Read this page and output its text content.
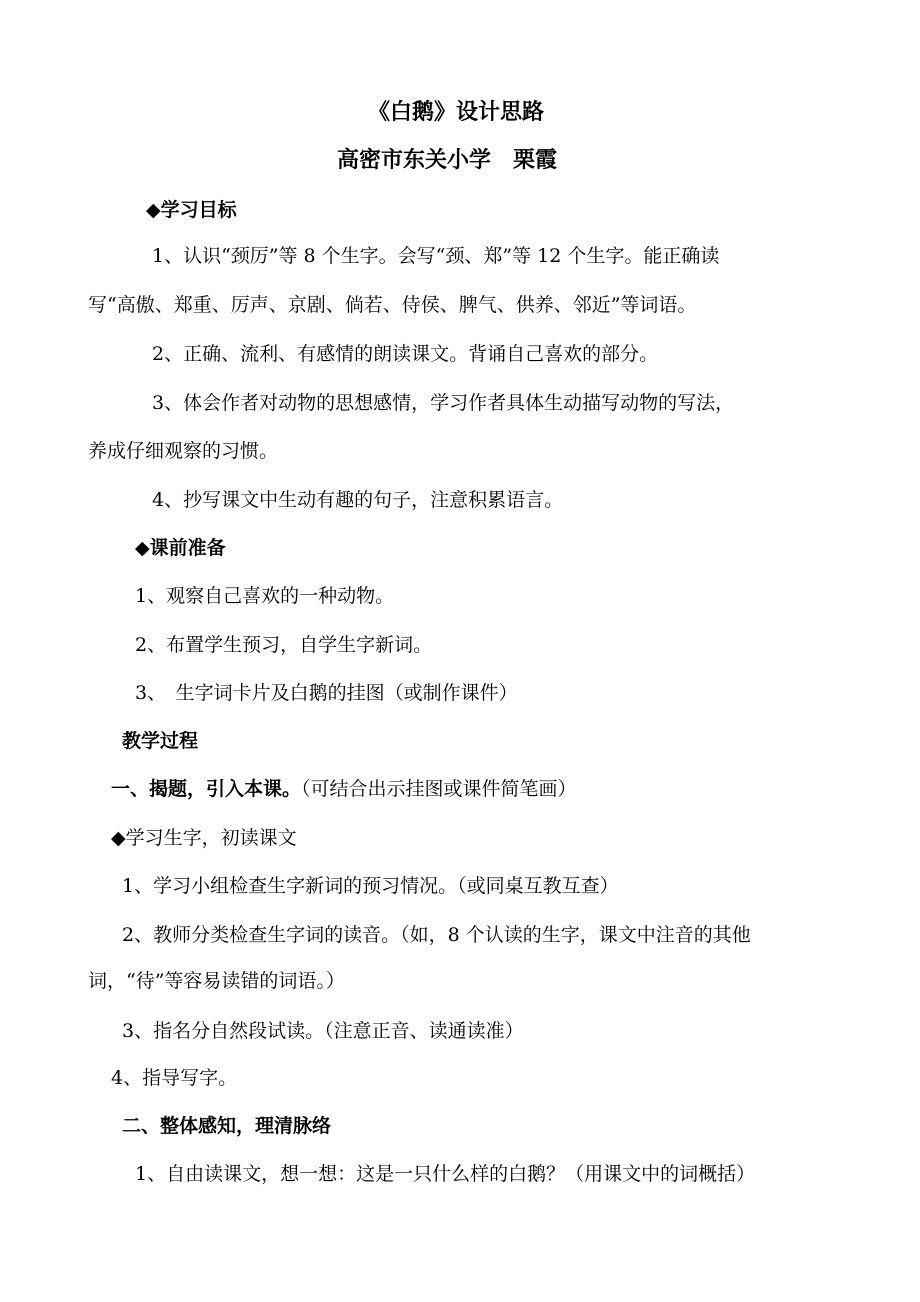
《白鹅》设计思路
高密市东关小学　栗霞
◆学习目标
1、认识“颈厉”等 8 个生字。会写“颈、郑”等 12 个生字。能正确读
写“高傲、郑重、厉声、京剧、倘若、侍侯、脾气、供养、邻近”等词语。
2、正确、流利、有感情的朗读课文。背诵自己喜欢的部分。
3、体会作者对动物的思想感情，学习作者具体生动描写动物的写法，
养成仔细观察的习惯。
4、抄写课文中生动有趣的句子，注意积累语言。
◆课前准备
1、观察自己喜欢的一种动物。
2、布置学生预习，自学生字新词。
3、　生字词卡片及白鹅的挂图（或制作课件）
教学过程
一、揭题，引入本课。（可结合出示挂图或课件简笔画）
◆学习生字，初读课文
1、学习小组检查生字新词的预习情况。（或同桌互教互查）
2、教师分类检查生字词的读音。（如，8 个认读的生字，课文中注音的其他
词，“待”等容易读错的词语。）
3、指名分自然段试读。（注意正音、读通读准）
4、指导写字。
二、整体感知，理清脉络
1、自由读课文，想一想：这是一只什么样的白鹅？（用课文中的词概括）
